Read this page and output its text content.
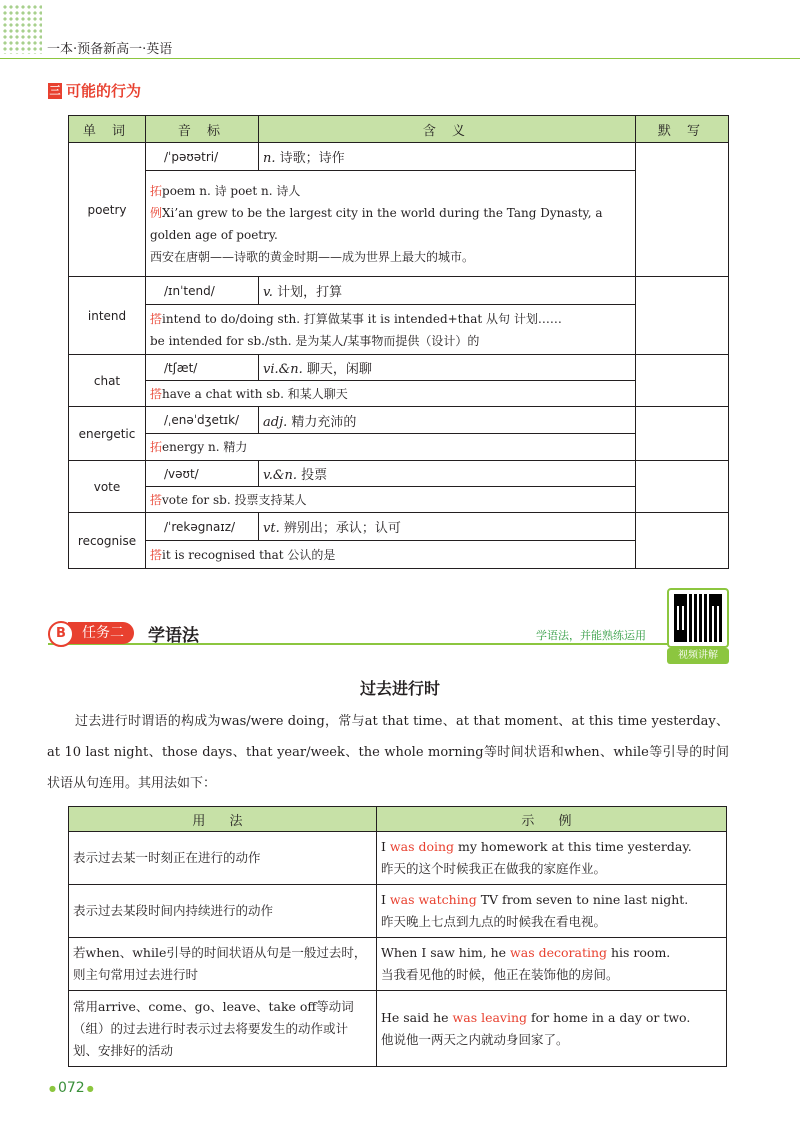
一本·预备新高一·英语
三 可能的行为
单 词	音 标	含 义	默 写
poetry	/ˈpəʊətri/	n. 诗歌；诗作	
	拓poem n. 诗 poet n. 诗人
例Xi’an grew to be the largest city in the world during the Tang Dynasty, a golden age of poetry.
西安在唐朝——诗歌的黄金时期——成为世界上最大的城市。		
intend	/ɪnˈtend/	v. 计划，打算	
	搭intend to do/doing sth. 打算做某事 it is intended+that 从句 计划……
be intended for sb./sth. 是为某人/某事物而提供（设计）的		
chat	/tʃæt/	vi.&n. 聊天，闲聊	
	搭have a chat with sb. 和某人聊天		
energetic	/ˌenəˈdʒetɪk/	adj. 精力充沛的	
	拓energy n. 精力		
vote	/vəʊt/	v.&n. 投票	
	搭vote for sb. 投票支持某人		
recognise	/ˈrekəgnaɪz/	vt. 辨别出；承认；认可	
	搭it is recognised that 公认的是		
任务二
B	学语法	学语法，并能熟练运用
视频讲解
过去进行时
过去进行时谓语的构成为was/were doing，常与at that time、at that moment、at this time yesterday、at 10 last night、those days、that year/week、the whole morning等时间状语和when、while等引导的时间状语从句连用。其用法如下：
用 法	示 例
表示过去某一时刻正在进行的动作	I was doing my homework at this time yesterday.
昨天的这个时候我正在做我的家庭作业。
表示过去某段时间内持续进行的动作	I was watching TV from seven to nine last night.
昨天晚上七点到九点的时候我在看电视。
若when、while引导的时间状语从句是一般过去时，则主句常用过去进行时	When I saw him, he was decorating his room.
当我看见他的时候，他正在装饰他的房间。
常用arrive、come、go、leave、take off等动词（组）的过去进行时表示过去将要发生的动作或计划、安排好的活动	He said he was leaving for home in a day or two.
他说他一两天之内就动身回家了。
● 072 ●
